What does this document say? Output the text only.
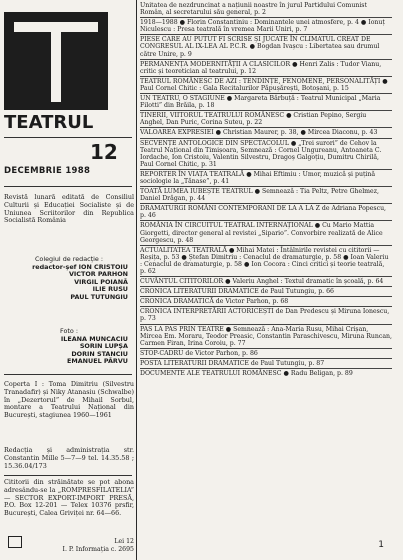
TEATRUL
12
DECEMBRIE 1988
Revistă lunară editată de Consiliul Culturii și Educației Socialiste și de Uniunea Scriitorilor din Republica Socialistă România
Colegiul de redacție :
redactor-șef ION CRISTOIU
VICTOR PARHON
VIRGIL POIANĂ
ILIE RUSU
PAUL TUTUNGIU
Foto :
ILEANA MUNCACIU
SORIN LUPȘA
DORIN STANCIU
EMANUEL PÂRVU
Coperta I : Toma Dimitriu (Silvestru Tranadafir) și Niky Atanasiu (Schwalbe) în „Dezertorul” de Mihail Sorbul, montare a Teatrului Național din București, stagiunea 1960—1961
Redacția și administrația str. Constantin Mille 5—7—9 tel. 14.35.58 ; 15.36.04/173
Cititorii din străinătate se pot abona adresându-se la „ROMPRESFILATELIA” — SECTOR EXPORT-IMPORT PRESĂ, P.O. Box 12-201 — Telex 10376 prsfir, București, Calea Griviței nr. 64—66.
Lei 12
I. P. Informația c. 2695

Unitatea de nezdruncinat a națiunii noastre în jurul Partidului Comunist Român, al secretarului său general, p. 2

1918—1988 ● Florin Constantiniu : Dominantele unei atmosfere, p. 4 ● Ionuț Niculescu : Presa teatrală în vremea Marii Uniri, p. 7

PIESE CARE AU PUTUT FI SCRISE ȘI JUCATE ÎN CLIMATUL CREAT DE CONGRESUL AL IX-LEA AL P.C.R. ● Bogdan Ivașcu : Libertatea sau drumul către Unire, p. 9

PERMANENȚA MODERNITĂȚII A CLASICILOR ● Henri Zalis : Tudor Vianu, critic și teoretician al teatrului, p. 12

TEATRUL ROMÂNESC DE AZI : TENDINȚE, FENOMENE, PERSONALITĂȚI ● Paul Cornel Chitic : Gala Recitalurilor Păpușărești, Botoșani, p. 15

UN TEATRU, O STAGIUNE ● Margareta Bărbuță : Teatrul Municipal „Maria Filotti” din Brăila, p. 18

TINERII, VIITORUL TEATRULUI ROMÂNESC ● Cristian Pepino, Sergiu Anghel, Dan Puric, Corina Suteu, p. 22

VALOAREA EXPRESIEI ● Christian Maurer, p. 38, ● Mircea Diaconu, p. 43

SECVENȚE ANTOLOGICE DIN SPECTACOLUL ● „Trei surori” de Cehov la Teatrul Național din Timișoara, Semnează : Cornel Ungureanu, Antoaneta C. Iordache, Ion Cristoiu, Valentin Silvestru, Dragoș Galgoțiu, Dumitru Chirilă, Paul Cornel Chitic, p. 31

REPORTER ÎN VIAȚA TEATRALĂ ● Mihai Eftimiu : Umor, muzică și puțină sociologie la „Tănase”, p. 41

TOATĂ LUMEA IUBEȘTE TEATRUL ● Semnează : Tia Peltz, Petre Ghelmez, Daniel Drăgan, p. 44

DRAMATURGI ROMÂNI CONTEMPORANI DE LA A LA Z de Adriana Popescu, p. 46

ROMÂNIA ÎN CIRCUITUL TEATRAL INTERNAȚIONAL ● Cu Mario Mattia Giorgetti, director general al revistei „Sipario”. Convorbire realizată de Alice Georgescu, p. 48

ACTUALITATEA TEATRALĂ ● Mihai Matei : Întâlnirile revistei cu cititorii — Reșița, p. 53 ● Ștefan Dimitriu : Cenaclul de dramaturgie, p. 58 ● Ioan Valeriu : Cenaclul de dramaturgie, p. 58 ● Ion Cocora : Cinci critici și teorie teatrală, p. 62

CUVÂNTUL CITITORILOR ● Valeriu Anghel : Textul dramatic în școală, p. 64

CRONICA LITERATURII DRAMATICE de Paul Tutungiu, p. 66

CRONICA DRAMATICĂ de Victor Parhon, p. 68

CRONICA INTERPRETĂRII ACTORICEȘTI de Dan Predescu și Miruna Ionescu, p. 73

PAS LA PAS PRIN TEATRE ● Semnează : Ana-Maria Rusu, Mihai Crișan, Mircea Em. Moraru, Teodor Preasic, Constantin Paraschivescu, Miruna Runcan, Carmen Firan, Irina Coroiu, p. 77

STOP-CADRU de Victor Parhon, p. 86

POSTA LITERATURII DRAMATICE de Paul Tutungiu, p. 87

DOCUMENTE ALE TEATRULUI ROMÂNESC ● Radu Beligan, p. 89

1
